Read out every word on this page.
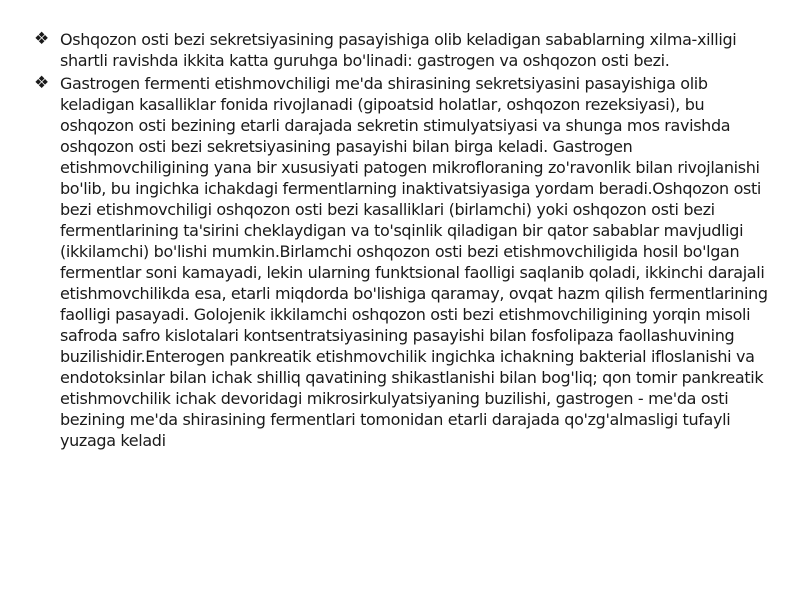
❖ Oshqozon osti bezi sekretsiyasining pasayishiga olib keladigan sabablarning xilma-xilligi shartli ravishda ikkita katta guruhga bo'linadi: gastrogen va oshqozon osti bezi.
❖ Gastrogen fermenti etishmovchiligi me'da shirasining sekretsiyasini pasayishiga olib keladigan kasalliklar fonida rivojlanadi (gipoatsid holatlar, oshqozon rezeksiyasi), bu oshqozon osti bezining etarli darajada sekretin stimulyatsiyasi va shunga mos ravishda oshqozon osti bezi sekretsiyasining pasayishi bilan birga keladi. Gastrogen etishmovchiligining yana bir xususiyati patogen mikrofloraning zo'ravonlik bilan rivojlanishi bo'lib, bu ingichka ichakdagi fermentlarning inaktivatsiyasiga yordam beradi.Oshqozon osti bezi etishmovchiligi oshqozon osti bezi kasalliklari (birlamchi) yoki oshqozon osti bezi fermentlarining ta'sirini cheklaydigan va to'sqinlik qiladigan bir qator sabablar mavjudligi (ikkilamchi) bo'lishi mumkin.Birlamchi oshqozon osti bezi etishmovchiligida hosil bo'lgan fermentlar soni kamayadi, lekin ularning funktsional faolligi saqlanib qoladi, ikkinchi darajali etishmovchilikda esa, etarli miqdorda bo'lishiga qaramay, ovqat hazm qilish fermentlarining faolligi pasayadi. Golojenik ikkilamchi oshqozon osti bezi etishmovchiligining yorqin misoli safroda safro kislotalari kontsentratsiyasining pasayishi bilan fosfolipaza faollashuvining buzilishidir.Enterogen pankreatik etishmovchilik ingichka ichakning bakterial ifloslanishi va endotoksinlar bilan ichak shilliq qavatining shikastlanishi bilan bog'liq; qon tomir pankreatik etishmovchilik ichak devoridagi mikrosirkulyatsiyaning buzilishi, gastrogen - me'da osti bezining me'da shirasining fermentlari tomonidan etarli darajada qo'zg'almasligi tufayli yuzaga keladi
